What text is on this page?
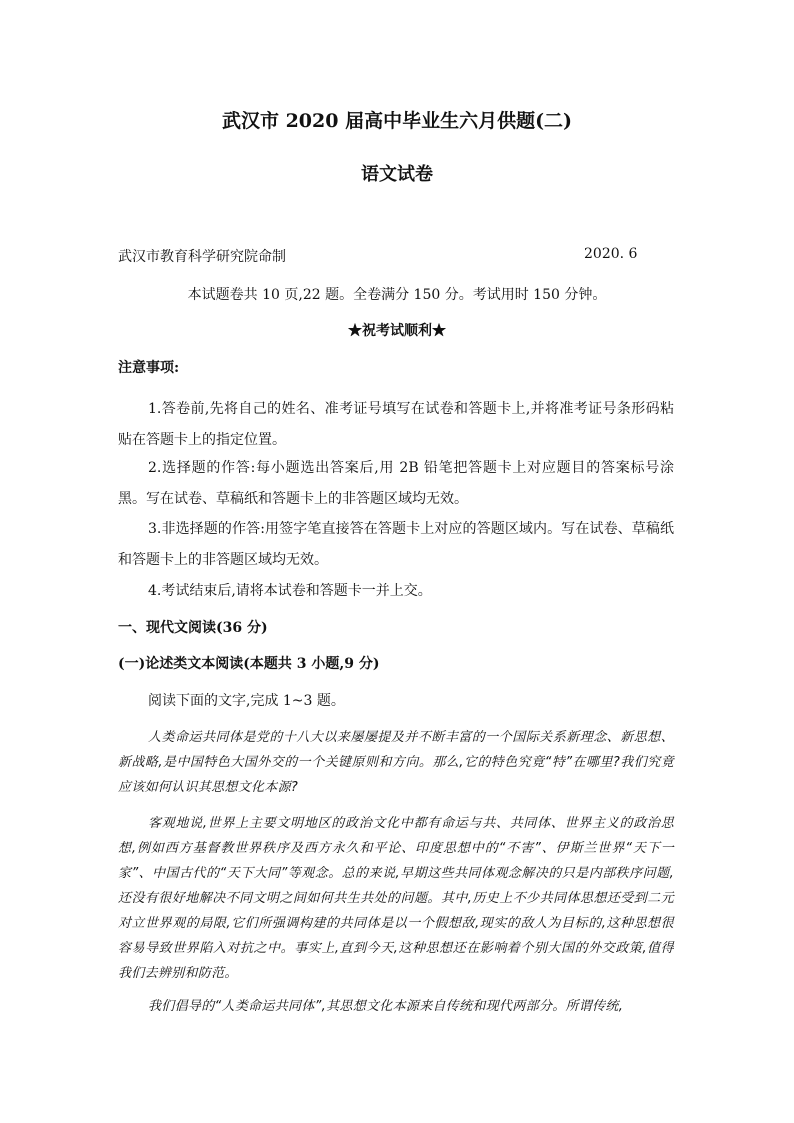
武汉市 2020 届高中毕业生六月供题(二)
语文试卷
武汉市教育科学研究院命制	2020. 6
本试题卷共 10 页,22 题。全卷满分 150 分。考试用时 150 分钟。
★祝考试顺利★
注意事项:

1.答卷前,先将自己的姓名、准考证号填写在试卷和答题卡上,并将准考证号条形码粘贴在答题卡上的指定位置。

2.选择题的作答:每小题选出答案后,用 2B 铅笔把答题卡上对应题目的答案标号涂黑。写在试卷、草稿纸和答题卡上的非答题区域均无效。

3.非选择题的作答:用签字笔直接答在答题卡上对应的答题区域内。写在试卷、草稿纸和答题卡上的非答题区域均无效。

4.考试结束后,请将本试卷和答题卡一并上交。

一、现代文阅读(36 分)
(一)论述类文本阅读(本题共 3 小题,9 分)
阅读下面的文字,完成 1~3 题。

人类命运共同体是党的十八大以来屡屡提及并不断丰富的一个国际关系新理念、新思想、新战略,是中国特色大国外交的一个关键原则和方向。那么,它的特色究竟“特”在哪里?我们究竟应该如何认识其思想文化本源?

客观地说,世界上主要文明地区的政治文化中都有命运与共、共同体、世界主义的政治思想,例如西方基督教世界秩序及西方永久和平论、印度思想中的“不害”、伊斯兰世界“天下一家”、中国古代的“天下大同”等观念。总的来说,早期这些共同体观念解决的只是内部秩序问题,还没有很好地解决不同文明之间如何共生共处的问题。其中,历史上不少共同体思想还受到二元对立世界观的局限,它们所强调构建的共同体是以一个假想敌,现实的敌人为目标的,这种思想很容易导致世界陷入对抗之中。事实上,直到今天,这种思想还在影响着个别大国的外交政策,值得我们去辨别和防范。

我们倡导的“人类命运共同体”,其思想文化本源来自传统和现代两部分。所谓传统,
